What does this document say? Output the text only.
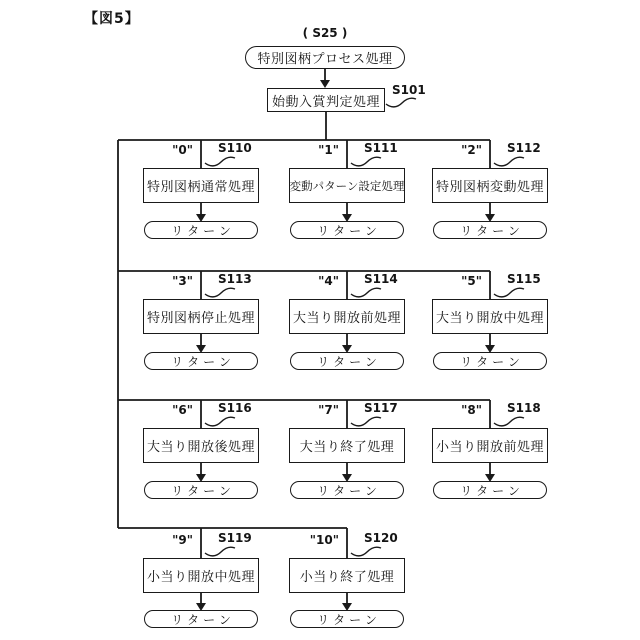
【図5】
( S25 )
特別図柄プロセス処理
始動入賞判定処理
S101
"0" S110
特別図柄通常処理
リターン
"1" S111
変動パターン設定処理
リターン
"2" S112
特別図柄変動処理
リターン
"3" S113
特別図柄停止処理
リターン
"4" S114
大当り開放前処理
リターン
"5" S115
大当り開放中処理
リターン
"6" S116
大当り開放後処理
リターン
"7" S117
大当り終了処理
リターン
"8" S118
小当り開放前処理
リターン
"9" S119
小当り開放中処理
リターン
"10" S120
小当り終了処理
リターン
